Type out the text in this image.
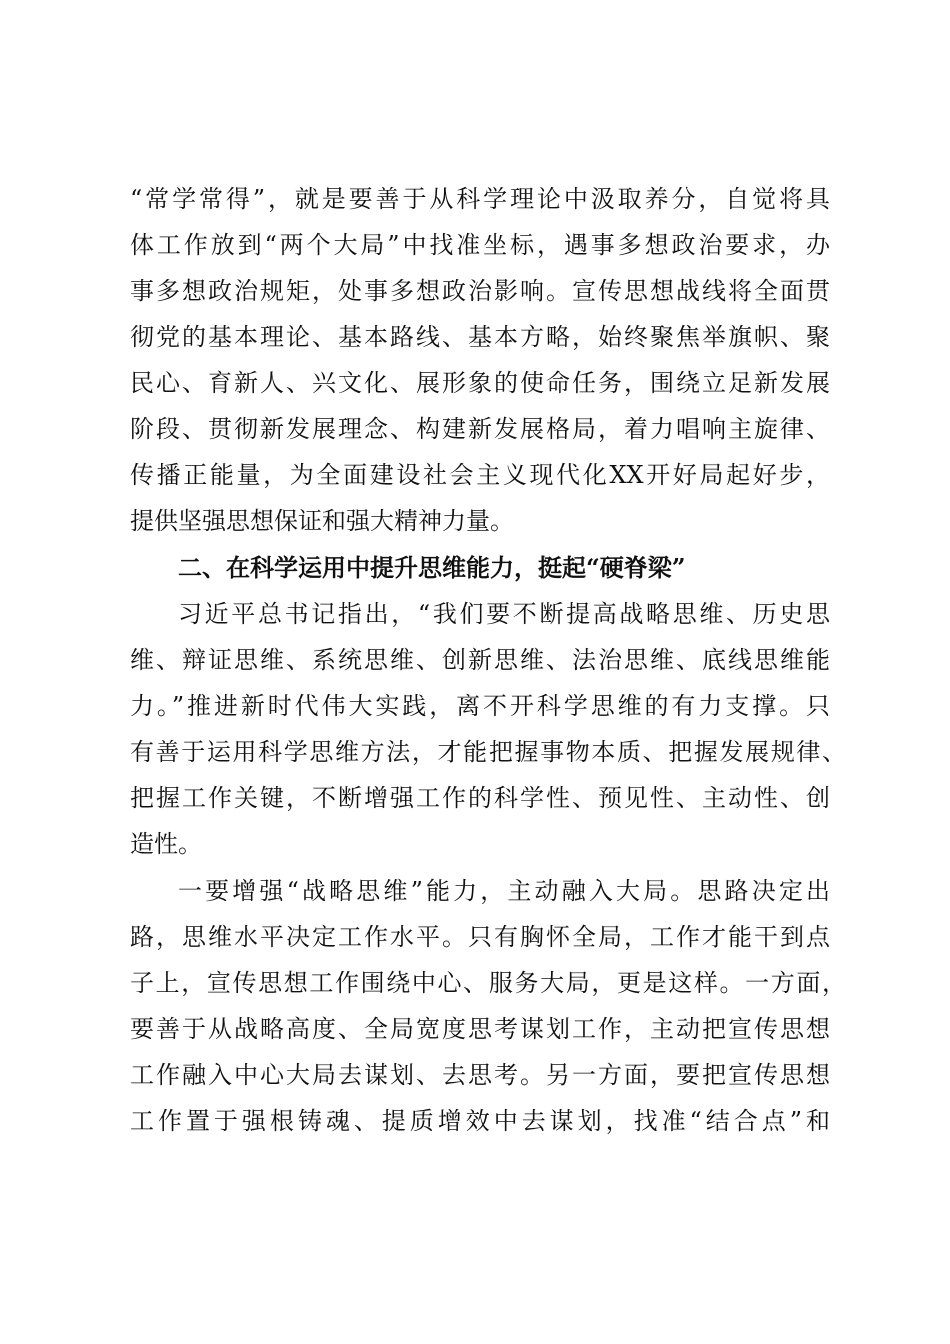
“常学常得”，就是要善于从科学理论中汲取养分，自觉将具
体工作放到“两个大局”中找准坐标，遇事多想政治要求，办
事多想政治规矩，处事多想政治影响。宣传思想战线将全面贯
彻党的基本理论、基本路线、基本方略，始终聚焦举旗帜、聚
民心、育新人、兴文化、展形象的使命任务，围绕立足新发展
阶段、贯彻新发展理念、构建新发展格局，着力唱响主旋律、
传播正能量，为全面建设社会主义现代化XX开好局起好步，
提供坚强思想保证和强大精神力量。
二、在科学运用中提升思维能力，挺起“硬脊梁”
习近平总书记指出，“我们要不断提高战略思维、历史思
维、辩证思维、系统思维、创新思维、法治思维、底线思维能
力。”推进新时代伟大实践，离不开科学思维的有力支撑。只
有善于运用科学思维方法，才能把握事物本质、把握发展规律、
把握工作关键，不断增强工作的科学性、预见性、主动性、创
造性。
一要增强“战略思维”能力，主动融入大局。思路决定出
路，思维水平决定工作水平。只有胸怀全局，工作才能干到点
子上，宣传思想工作围绕中心、服务大局，更是这样。一方面，
要善于从战略高度、全局宽度思考谋划工作，主动把宣传思想
工作融入中心大局去谋划、去思考。另一方面，要把宣传思想
工作置于强根铸魂、提质增效中去谋划，找准“结合点”和
